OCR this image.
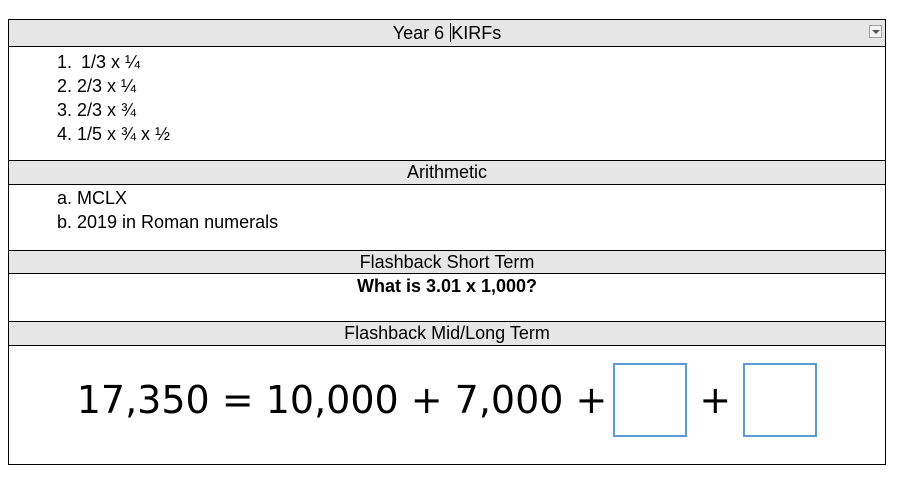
Year 6 KIRFs
1. 1/3 x ¼
2. 2/3 x ¼
3. 2/3 x ¾
4. 1/5 x ¾ x ½
Arithmetic
a. MCLX
b. 2019 in Roman numerals
Flashback Short Term
What is 3.01 x 1,000?
Flashback Mid/Long Term
17,350 = 10,000 + 7,000 + +
